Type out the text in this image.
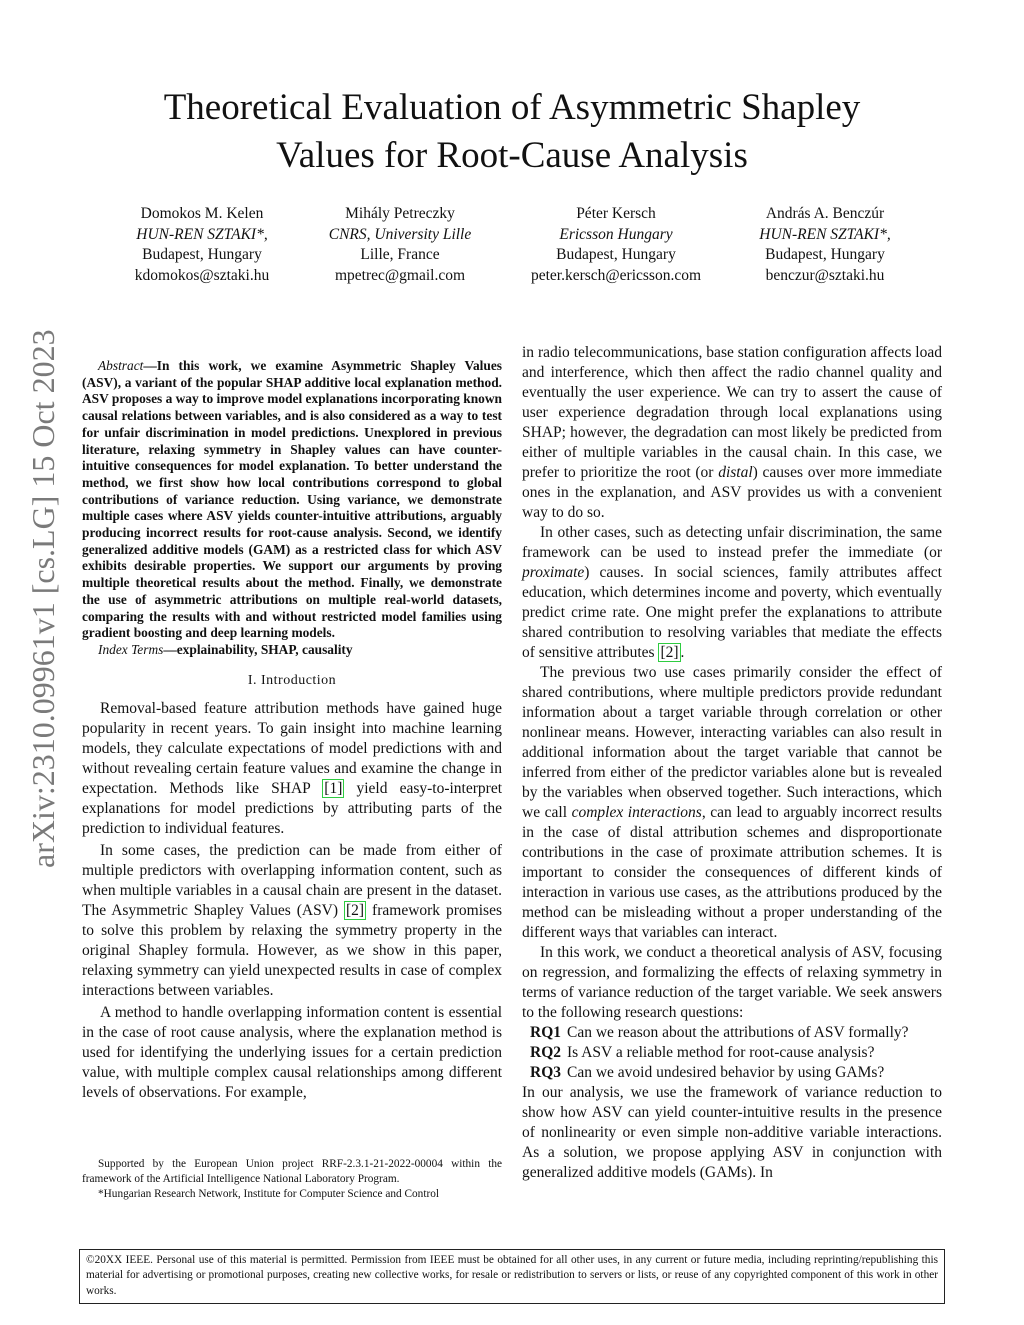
Theoretical Evaluation of Asymmetric Shapley
Values for Root-Cause Analysis
Domokos M. Kelen
HUN-REN SZTAKI*,
Budapest, Hungary
kdomokos@sztaki.hu
Mihály Petreczky
CNRS, University Lille
Lille, France
mpetrec@gmail.com
Péter Kersch
Ericsson Hungary
Budapest, Hungary
peter.kersch@ericsson.com
András A. Benczúr
HUN-REN SZTAKI*,
Budapest, Hungary
benczur@sztaki.hu
arXiv:2310.09961v1 [cs.LG] 15 Oct 2023	Abstract—In this work, we examine Asymmetric Shapley Values (ASV), a variant of the popular SHAP additive local explanation method. ASV proposes a way to improve model explanations incorporating known causal relations between variables, and is also considered as a way to test for unfair discrimination in model predictions. Unexplored in previous literature, relaxing symmetry in Shapley values can have counter-intuitive consequences for model explanation. To better understand the method, we first show how local contributions correspond to global contributions of variance reduction. Using variance, we demonstrate multiple cases where ASV yields counter-intuitive attributions, arguably producing incorrect results for root-cause analysis. Second, we identify generalized additive models (GAM) as a restricted class for which ASV exhibits desirable properties. We support our arguments by proving multiple theoretical results about the method. Finally, we demonstrate the use of asymmetric attributions on multiple real-world datasets, comparing the results with and without restricted model families using gradient boosting and deep learning models.

Index Terms—explainability, SHAP, causality

I. Introduction

Removal-based feature attribution methods have gained huge popularity in recent years. To gain insight into machine learning models, they calculate expectations of model predictions with and without revealing certain feature values and examine the change in expectation. Methods like SHAP [1] yield easy-to-interpret explanations for model predictions by attributing parts of the prediction to individual features.

In some cases, the prediction can be made from either of multiple predictors with overlapping information content, such as when multiple variables in a causal chain are present in the dataset. The Asymmetric Shapley Values (ASV) [2] framework promises to solve this problem by relaxing the symmetry property in the original Shapley formula. However, as we show in this paper, relaxing symmetry can yield unexpected results in case of complex interactions between variables.

A method to handle overlapping information content is essential in the case of root cause analysis, where the explanation method is used for identifying the underlying issues for a certain prediction value, with multiple complex causal relationships among different levels of observations. For example,

Supported by the European Union project RRF-2.3.1-21-2022-00004 within the framework of the Artificial Intelligence National Laboratory Program.

*Hungarian Research Network, Institute for Computer Science and Control

in radio telecommunications, base station configuration affects load and interference, which then affect the radio channel quality and eventually the user experience. We can try to assert the cause of user experience degradation through local explanations using SHAP; however, the degradation can most likely be predicted from either of multiple variables in the causal chain. In this case, we prefer to prioritize the root (or distal) causes over more immediate ones in the explanation, and ASV provides us with a convenient way to do so.

In other cases, such as detecting unfair discrimination, the same framework can be used to instead prefer the immediate (or proximate) causes. In social sciences, family attributes affect education, which determines income and poverty, which eventually predict crime rate. One might prefer the explanations to attribute shared contribution to resolving variables that mediate the effects of sensitive attributes [2] .

The previous two use cases primarily consider the effect of shared contributions, where multiple predictors provide redundant information about a target variable through correlation or other nonlinear means. However, interacting variables can also result in additional information about the target variable that cannot be inferred from either of the predictor variables alone but is revealed by the variables when observed together. Such interactions, which we call complex interactions, can lead to arguably incorrect results in the case of distal attribution schemes and disproportionate contributions in the case of proximate attribution schemes. It is important to consider the consequences of different kinds of interaction in various use cases, as the attributions produced by the method can be misleading without a proper understanding of the different ways that variables can interact.

In this work, we conduct a theoretical analysis of ASV, focusing on regression, and formalizing the effects of relaxing symmetry in terms of variance reduction of the target variable. We seek answers to the following research questions:

RQ1 Can we reason about the attributions of ASV formally?

RQ2 Is ASV a reliable method for root-cause analysis?

RQ3 Can we avoid undesired behavior by using GAMs?

In our analysis, we use the framework of variance reduction to show how ASV can yield counter-intuitive results in the presence of nonlinearity or even simple non-additive variable interactions. As a solution, we propose applying ASV in conjunction with generalized additive models (GAMs). In

©20XX IEEE. Personal use of this material is permitted. Permission from IEEE must be obtained for all other uses, in any current or future media, including reprinting/republishing this material for advertising or promotional purposes, creating new collective works, for resale or redistribution to servers or lists, or reuse of any copyrighted component of this work in other works.
